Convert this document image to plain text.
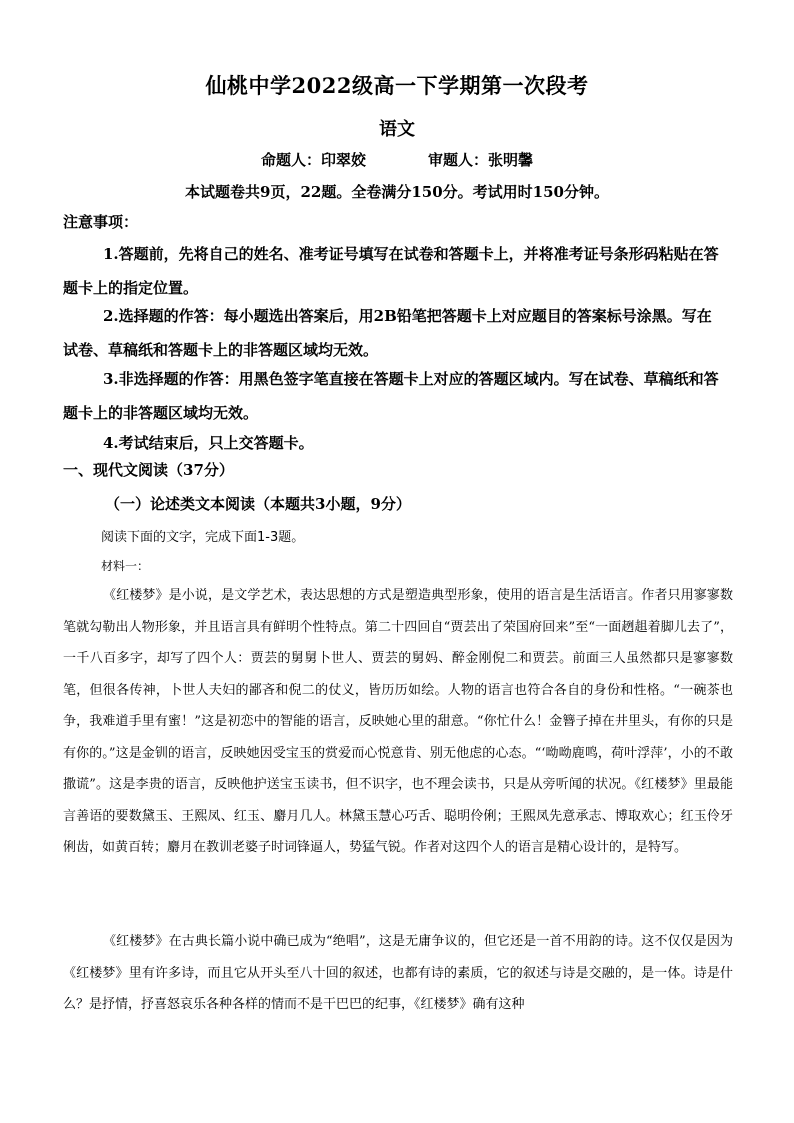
仙桃中学2022级高一下学期第一次段考
语文
命题人：印翠姣	审题人：张明馨
本试题卷共9页，22题。全卷满分150分。考试用时150分钟。
注意事项：

1.答题前，先将自己的姓名、准考证号填写在试卷和答题卡上，并将准考证号条形码粘贴在答题卡上的指定位置。

2.选择题的作答：每小题选出答案后，用2B铅笔把答题卡上对应题目的答案标号涂黑。写在试卷、草稿纸和答题卡上的非答题区域均无效。

3.非选择题的作答：用黑色签字笔直接在答题卡上对应的答题区域内。写在试卷、草稿纸和答题卡上的非答题区域均无效。

4.考试结束后，只上交答题卡。

一、现代文阅读（37分）
（一）论述类文本阅读（本题共3小题，9分）
阅读下面的文字，完成下面1-3题。
材料一：

《红楼梦》是小说，是文学艺术，表达思想的方式是塑造典型形象，使用的语言是生活语言。作者只用寥寥数笔就勾勒出人物形象，并且语言具有鲜明个性特点。第二十四回自“贾芸出了荣国府回来”至“一面趔趄着脚儿去了”，一千八百多字，却写了四个人：贾芸的舅舅卜世人、贾芸的舅妈、醉金刚倪二和贾芸。前面三人虽然都只是寥寥数笔，但很各传神，卜世人夫妇的鄙吝和倪二的仗义，皆历历如绘。人物的语言也符合各自的身份和性格。“一碗茶也争，我难道手里有蜜！”这是初恋中的智能的语言，反映她心里的甜意。“你忙什么！金簪子掉在井里头，有你的只是有你的。”这是金钏的语言，反映她因受宝玉的赏爱而心悦意肯、别无他虑的心态。“‘呦呦鹿鸣，荷叶浮萍’，小的不敢撒谎”。这是李贵的语言，反映他护送宝玉读书，但不识字，也不理会读书，只是从旁听闻的状况。《红楼梦》里最能言善语的要数黛玉、王熙凤、红玉、麝月几人。林黛玉慧心巧舌、聪明伶俐；王熙凤先意承志、博取欢心；红玉伶牙俐齿，如黄百转；麝月在教训老婆子时词锋逼人，势猛气锐。作者对这四个人的语言是精心设计的，是特写。

《红楼梦》在古典长篇小说中确已成为“绝唱”，这是无庸争议的，但它还是一首不用韵的诗。这不仅仅是因为《红楼梦》里有许多诗，而且它从开头至八十回的叙述，也都有诗的素质，它的叙述与诗是交融的，是一体。诗是什么？是抒情，抒喜怒哀乐各种各样的情而不是干巴巴的纪事，《红楼梦》确有这种
